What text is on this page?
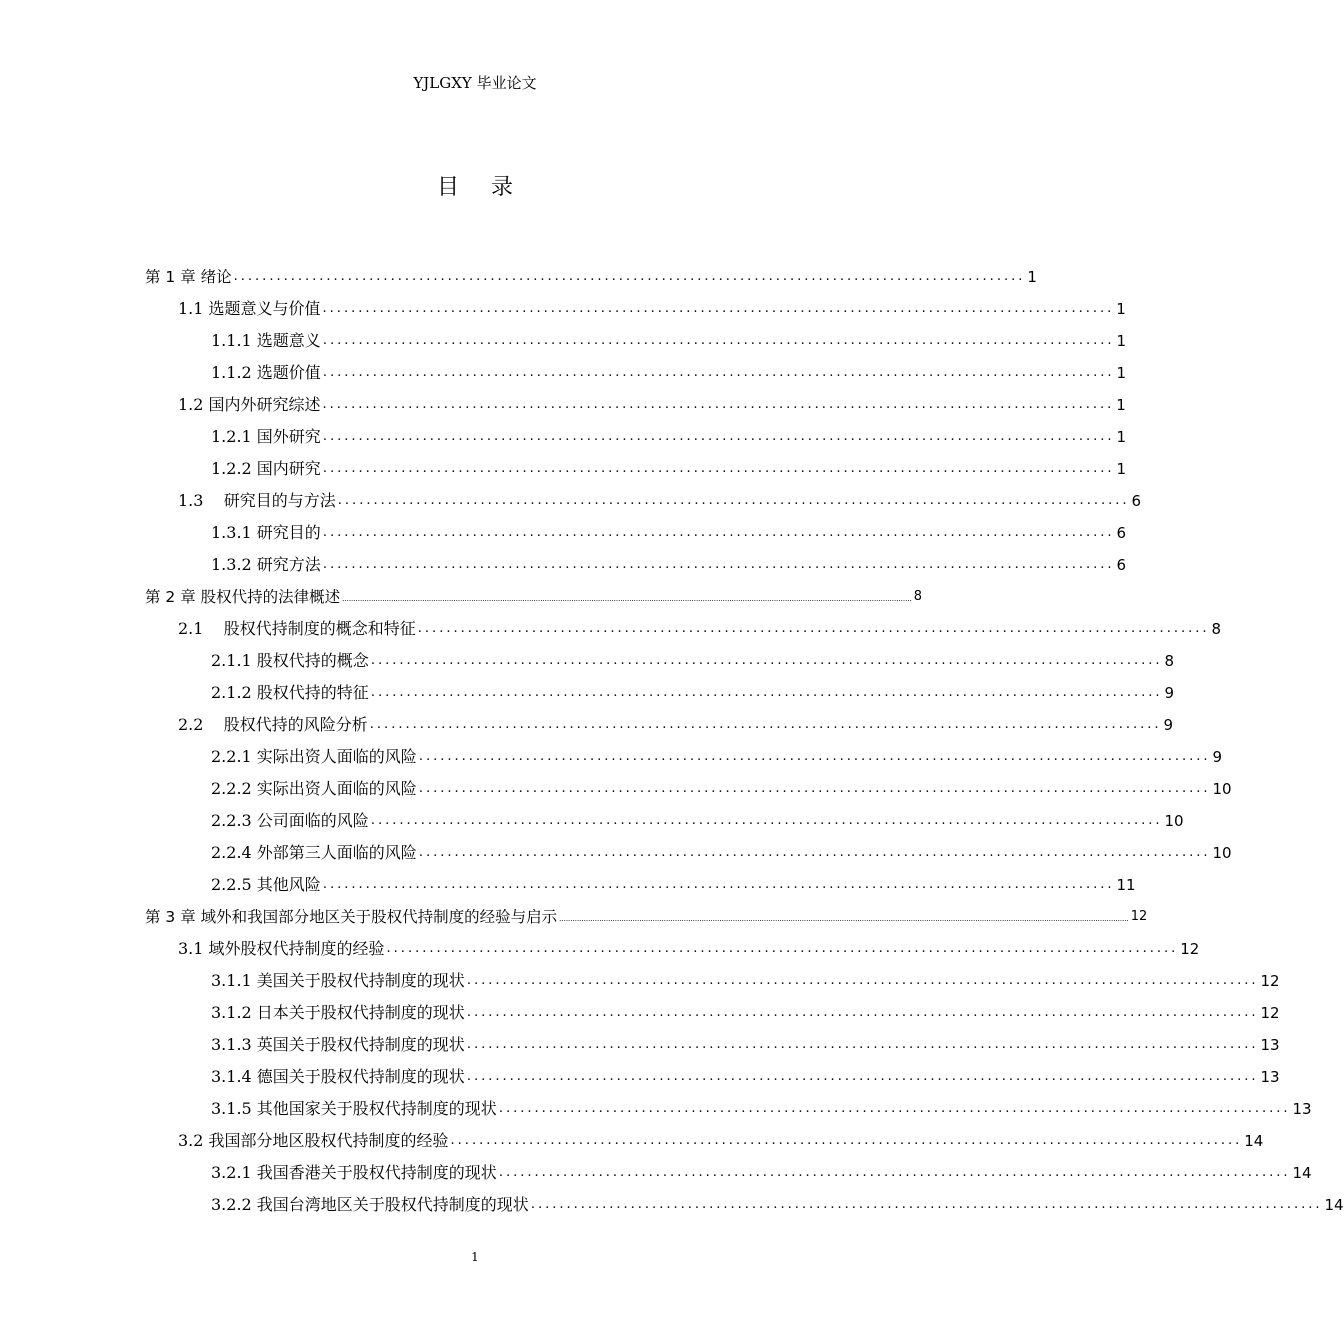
YJLGXY 毕业论文
目录
第 1 章 绪论 ............................................................................................................... 1
1.1 选题意义与价值 ............................................................................................................... 1
1.1.1 选题意义 ............................................................................................................... 1
1.1.2 选题价值 ............................................................................................................... 1
1.2 国内外研究综述 ............................................................................................................... 1
1.2.1 国外研究 ............................................................................................................... 1
1.2.2 国内研究 ............................................................................................................... 1
1.3    研究目的与方法 ............................................................................................................... 6
1.3.1 研究目的 ............................................................................................................... 6
1.3.2 研究方法 ............................................................................................................... 6
第 2 章 股权代持的法律概述 ................................................................................................................................................................................................................................................................ 8
2.1    股权代持制度的概念和特征 ............................................................................................................... 8
2.1.1 股权代持的概念 ............................................................................................................... 8
2.1.2 股权代持的特征 ............................................................................................................... 9
2.2    股权代持的风险分析 ............................................................................................................... 9
2.2.1 实际出资人面临的风险 ............................................................................................................... 9
2.2.2 实际出资人面临的风险 ............................................................................................................... 10
2.2.3 公司面临的风险 ............................................................................................................... 10
2.2.4 外部第三人面临的风险 ............................................................................................................... 10
2.2.5 其他风险 ............................................................................................................... 11
第 3 章 域外和我国部分地区关于股权代持制度的经验与启示 ................................................................................................................................................................................................................................................................ 12
3.1 域外股权代持制度的经验 ............................................................................................................... 12
3.1.1 美国关于股权代持制度的现状 ............................................................................................................... 12
3.1.2 日本关于股权代持制度的现状 ............................................................................................................... 12
3.1.3 英国关于股权代持制度的现状 ............................................................................................................... 13
3.1.4 德国关于股权代持制度的现状 ............................................................................................................... 13
3.1.5 其他国家关于股权代持制度的现状 ............................................................................................................... 13
3.2 我国部分地区股权代持制度的经验 ............................................................................................................... 14
3.2.1 我国香港关于股权代持制度的现状 ............................................................................................................... 14
3.2.2 我国台湾地区关于股权代持制度的现状 ............................................................................................................... 14
1
